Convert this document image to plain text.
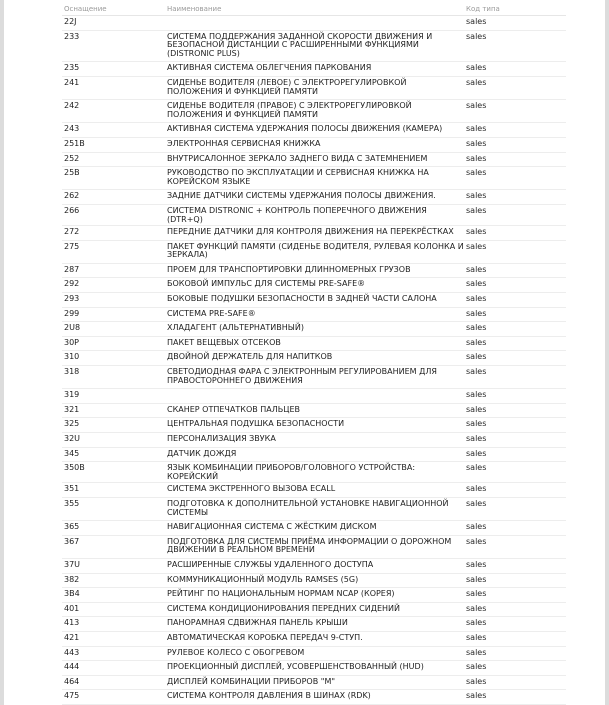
Оснащение	Наименование	Код типа
22J		sales
233	СИСТЕМА ПОДДЕРЖАНИЯ ЗАДАННОЙ СКОРОСТИ ДВИЖЕНИЯ И БЕЗОПАСНОЙ ДИСТАНЦИИ С РАСШИРЕННЫМИ ФУНКЦИЯМИ (DISTRONIC PLUS)	sales
235	АКТИВНАЯ СИСТЕМА ОБЛЕГЧЕНИЯ ПАРКОВАНИЯ	sales
241	СИДЕНЬЕ ВОДИТЕЛЯ (ЛЕВОЕ) С ЭЛЕКТРОРЕГУЛИРОВКОЙ ПОЛОЖЕНИЯ И ФУНКЦИЕЙ ПАМЯТИ	sales
242	СИДЕНЬЕ ВОДИТЕЛЯ (ПРАВОЕ) С ЭЛЕКТРОРЕГУЛИРОВКОЙ ПОЛОЖЕНИЯ И ФУНКЦИЕЙ ПАМЯТИ	sales
243	АКТИВНАЯ СИСТЕМА УДЕРЖАНИЯ ПОЛОСЫ ДВИЖЕНИЯ (КАМЕРА)	sales
251B	ЭЛЕКТРОННАЯ СЕРВИСНАЯ КНИЖКА	sales
252	ВНУТРИСАЛОННОЕ ЗЕРКАЛО ЗАДНЕГО ВИДА С ЗАТЕМНЕНИЕМ	sales
25B	РУКОВОДСТВО ПО ЭКСПЛУАТАЦИИ И СЕРВИСНАЯ КНИЖКА НА КОРЕЙСКОМ ЯЗЫКЕ	sales
262	ЗАДНИЕ ДАТЧИКИ СИСТЕМЫ УДЕРЖАНИЯ ПОЛОСЫ ДВИЖЕНИЯ.	sales
266	СИСТЕМА DISTRONIC + КОНТРОЛЬ ПОПЕРЕЧНОГО ДВИЖЕНИЯ (DTR+Q)	sales
272	ПЕРЕДНИЕ ДАТЧИКИ ДЛЯ КОНТРОЛЯ ДВИЖЕНИЯ НА ПЕРЕКРЁСТКАХ	sales
275	ПАКЕТ ФУНКЦИЙ ПАМЯТИ (СИДЕНЬЕ ВОДИТЕЛЯ, РУЛЕВАЯ КОЛОНКА И ЗЕРКАЛА)	sales
287	ПРОЕМ ДЛЯ ТРАНСПОРТИРОВКИ ДЛИННОМЕРНЫХ ГРУЗОВ	sales
292	БОКОВОЙ ИМПУЛЬС ДЛЯ СИСТЕМЫ PRE-SAFE®	sales
293	БОКОВЫЕ ПОДУШКИ БЕЗОПАСНОСТИ В ЗАДНЕЙ ЧАСТИ САЛОНА	sales
299	СИСТЕМА PRE-SAFE®	sales
2U8	ХЛАДАГЕНТ (АЛЬТЕРНАТИВНЫЙ)	sales
30P	ПАКЕТ ВЕЩЕВЫХ ОТСЕКОВ	sales
310	ДВОЙНОЙ ДЕРЖАТЕЛЬ ДЛЯ НАПИТКОВ	sales
318	СВЕТОДИОДНАЯ ФАРА С ЭЛЕКТРОННЫМ РЕГУЛИРОВАНИЕМ ДЛЯ ПРАВОСТОРОННЕГО ДВИЖЕНИЯ	sales
319		sales
321	СКАНЕР ОТПЕЧАТКОВ ПАЛЬЦЕВ	sales
325	ЦЕНТРАЛЬНАЯ ПОДУШКА БЕЗОПАСНОСТИ	sales
32U	ПЕРСОНАЛИЗАЦИЯ ЗВУКА	sales
345	ДАТЧИК ДОЖДЯ	sales
350B	ЯЗЫК КОМБИНАЦИИ ПРИБОРОВ/ГОЛОВНОГО УСТРОЙСТВА: КОРЕЙСКИЙ	sales
351	СИСТЕМА ЭКСТРЕННОГО ВЫЗОВА ECALL	sales
355	ПОДГОТОВКА К ДОПОЛНИТЕЛЬНОЙ УСТАНОВКЕ НАВИГАЦИОННОЙ СИСТЕМЫ	sales
365	НАВИГАЦИОННАЯ СИСТЕМА С ЖЁСТКИМ ДИСКОМ	sales
367	ПОДГОТОВКА ДЛЯ СИСТЕМЫ ПРИЁМА ИНФОРМАЦИИ О ДОРОЖНОМ ДВИЖЕНИИ В РЕАЛЬНОМ ВРЕМЕНИ	sales
37U	РАСШИРЕННЫЕ СЛУЖБЫ УДАЛЕННОГО ДОСТУПА	sales
382	КОММУНИКАЦИОННЫЙ МОДУЛЬ RAMSES (5G)	sales
3B4	РЕЙТИНГ ПО НАЦИОНАЛЬНЫМ НОРМАМ NCAP (КОРЕЯ)	sales
401	СИСТЕМА КОНДИЦИОНИРОВАНИЯ ПЕРЕДНИХ СИДЕНИЙ	sales
413	ПАНОРАМНАЯ СДВИЖНАЯ ПАНЕЛЬ КРЫШИ	sales
421	АВТОМАТИЧЕСКАЯ КОРОБКА ПЕРЕДАЧ 9-СТУП.	sales
443	РУЛЕВОЕ КОЛЕСО С ОБОГРЕВОМ	sales
444	ПРОЕКЦИОННЫЙ ДИСПЛЕЙ, УСОВЕРШЕНСТВОВАННЫЙ (HUD)	sales
464	ДИСПЛЕЙ КОМБИНАЦИИ ПРИБОРОВ "M"	sales
475	СИСТЕМА КОНТРОЛЯ ДАВЛЕНИЯ В ШИНАХ (RDK)	sales
